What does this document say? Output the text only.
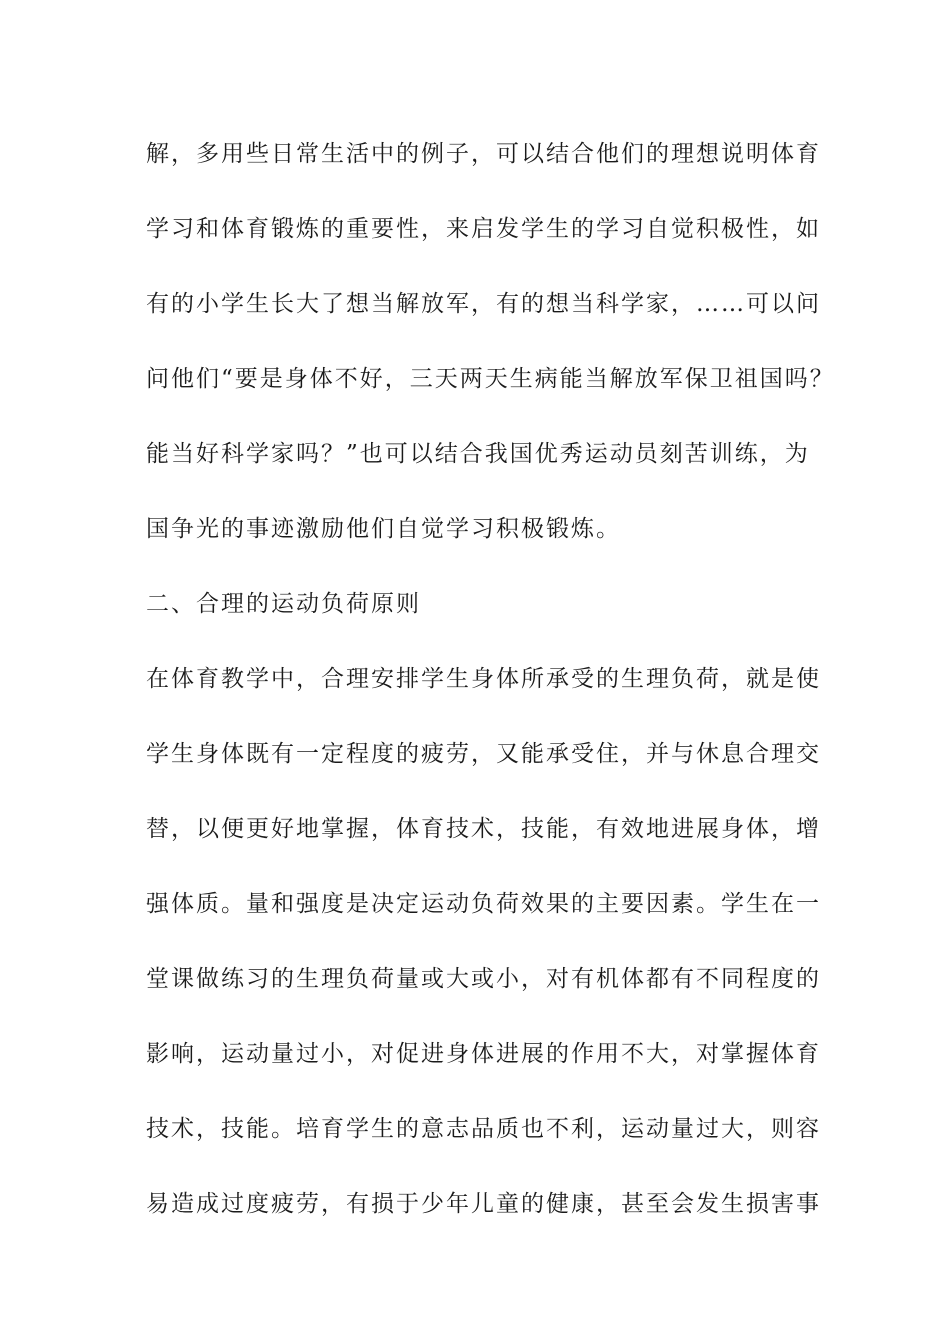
解，多用些日常生活中的例子，可以结合他们的理想说明体育
学习和体育锻炼的重要性，来启发学生的学习自觉积极性，如
有的小学生长大了想当解放军，有的想当科学家，……可以问
问他们“要是身体不好，三天两天生病能当解放军保卫祖国吗？
能当好科学家吗？”也可以结合我国优秀运动员刻苦训练，为
国争光的事迹激励他们自觉学习积极锻炼。
二、合理的运动负荷原则
在体育教学中，合理安排学生身体所承受的生理负荷，就是使
学生身体既有一定程度的疲劳，又能承受住，并与休息合理交
替，以便更好地掌握，体育技术，技能，有效地进展身体，增
强体质。量和强度是决定运动负荷效果的主要因素。学生在一
堂课做练习的生理负荷量或大或小，对有机体都有不同程度的
影响，运动量过小，对促进身体进展的作用不大，对掌握体育
技术，技能。培育学生的意志品质也不利，运动量过大，则容
易造成过度疲劳，有损于少年儿童的健康，甚至会发生损害事
